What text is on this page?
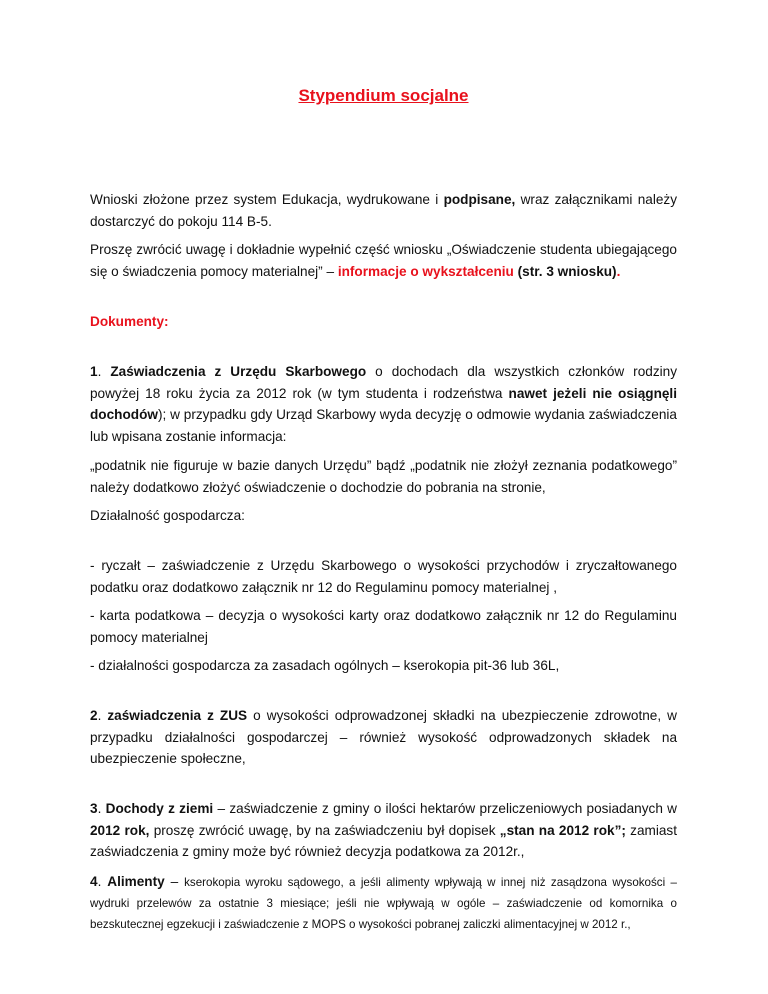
Stypendium socjalne

Wnioski złożone przez system Edukacja, wydrukowane i podpisane, wraz załącznikami należy dostarczyć do pokoju 114 B-5.

Proszę zwrócić uwagę i dokładnie wypełnić część wniosku „Oświadczenie studenta ubiegającego się o świadczenia pomocy materialnej” – informacje o wykształceniu (str. 3 wniosku).

Dokumenty:

1. Zaświadczenia z Urzędu Skarbowego o dochodach dla wszystkich członków rodziny powyżej 18 roku życia za 2012 rok (w tym studenta i rodzeństwa nawet jeżeli nie osiągnęli dochodów); w przypadku gdy Urząd Skarbowy wyda decyzję o odmowie wydania zaświadczenia lub wpisana zostanie informacja:

„podatnik nie figuruje w bazie danych Urzędu” bądź „podatnik nie złożył zeznania podatkowego” należy dodatkowo złożyć oświadczenie o dochodzie do pobrania na stronie,

Działalność gospodarcza:

- ryczałt – zaświadczenie z Urzędu Skarbowego o wysokości przychodów i zryczałtowanego podatku oraz dodatkowo załącznik nr 12 do Regulaminu pomocy materialnej ,

- karta podatkowa – decyzja o wysokości karty oraz dodatkowo załącznik nr 12 do Regulaminu pomocy materialnej

- działalności gospodarcza za zasadach ogólnych – kserokopia pit-36 lub 36L,

2. zaświadczenia z ZUS o wysokości odprowadzonej składki na ubezpieczenie zdrowotne, w przypadku działalności gospodarczej – również wysokość odprowadzonych składek na ubezpieczenie społeczne,

3. Dochody z ziemi – zaświadczenie z gminy o ilości hektarów przeliczeniowych posiadanych w 2012 rok, proszę zwrócić uwagę, by na zaświadczeniu był dopisek „stan na 2012 rok”; zamiast zaświadczenia z gminy może być również decyzja podatkowa za 2012r.,

4. Alimenty – kserokopia wyroku sądowego, a jeśli alimenty wpływają w innej niż zasądzona wysokości – wydruki przelewów za ostatnie 3 miesiące; jeśli nie wpływają w ogóle – zaświadczenie od komornika o bezskutecznej egzekucji i zaświadczenie z MOPS o wysokości pobranej zaliczki alimentacyjnej w 2012 r.,
